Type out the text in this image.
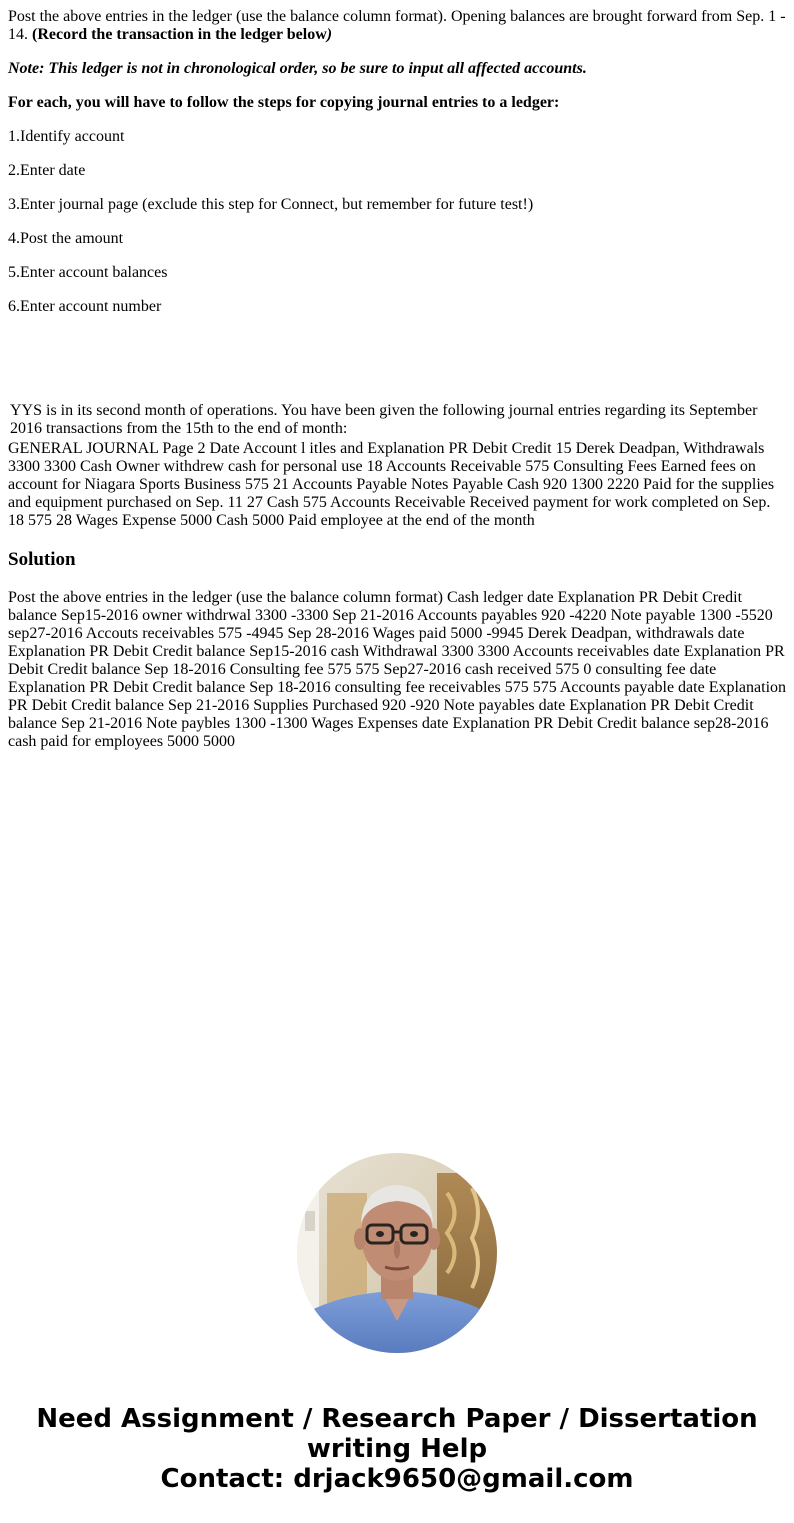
Post the above entries in the ledger (use the balance column format). Opening balances are brought forward from Sep. 1 - 14. (Record the transaction in the ledger below)

Note: This ledger is not in chronological order, so be sure to input all affected accounts.

For each, you will have to follow the steps for copying journal entries to a ledger:

1.Identify account

2.Enter date

3.Enter journal page (exclude this step for Connect, but remember for future test!)

4.Post the amount

5.Enter account balances

6.Enter account number

YYS is in its second month of operations. You have been given the following journal entries regarding its September 2016 transactions from the 15th to the end of month:

GENERAL JOURNAL Page 2 Date Account l itles and Explanation PR Debit Credit 15 Derek Deadpan, Withdrawals 3300 3300 Cash Owner withdrew cash for personal use 18 Accounts Receivable 575 Consulting Fees Earned fees on account for Niagara Sports Business 575 21 Accounts Payable Notes Payable Cash 920 1300 2220 Paid for the supplies and equipment purchased on Sep. 11 27 Cash 575 Accounts Receivable Received payment for work completed on Sep. 18 575 28 Wages Expense 5000 Cash 5000 Paid employee at the end of the month

Solution

Post the above entries in the ledger (use the balance column format) Cash ledger date Explanation PR Debit Credit balance Sep15-2016 owner withdrwal 3300 -3300 Sep 21-2016 Accounts payables 920 -4220 Note payable 1300 -5520 sep27-2016 Accouts receivables 575 -4945 Sep 28-2016 Wages paid 5000 -9945 Derek Deadpan, withdrawals date Explanation PR Debit Credit balance Sep15-2016 cash Withdrawal 3300 3300 Accounts receivables date Explanation PR Debit Credit balance Sep 18-2016 Consulting fee 575 575 Sep27-2016 cash received 575 0 consulting fee date Explanation PR Debit Credit balance Sep 18-2016 consulting fee receivables 575 575 Accounts payable date Explanation PR Debit Credit balance Sep 21-2016 Supplies Purchased 920 -920 Note payables date Explanation PR Debit Credit balance Sep 21-2016 Note paybles 1300 -1300 Wages Expenses date Explanation PR Debit Credit balance sep28-2016 cash paid for employees 5000 5000

Need Assignment / Research Paper / Dissertation
writing Help
Contact: drjack9650@gmail.com
